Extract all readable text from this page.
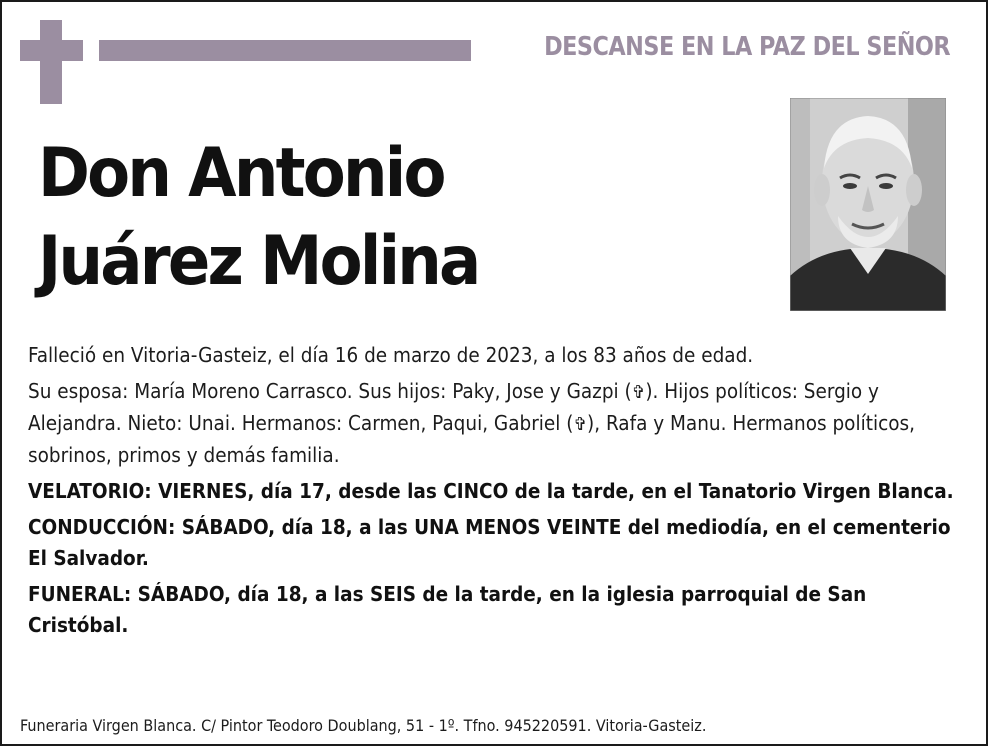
DESCANSE EN LA PAZ DEL SEÑOR
Don Antonio
Juárez Molina

Falleció en Vitoria-Gasteiz, el día 16 de marzo de 2023, a los 83 años de edad.

Su esposa: María Moreno Carrasco. Sus hijos: Paky, Jose y Gazpi (✞). Hijos políticos: Sergio y Alejandra. Nieto: Unai. Hermanos: Carmen, Paqui, Gabriel (✞), Rafa y Manu. Hermanos políticos, sobrinos, primos y demás familia.

VELATORIO: VIERNES, día 17, desde las CINCO de la tarde, en el Tanatorio Virgen Blanca.

CONDUCCIÓN: SÁBADO, día 18, a las UNA MENOS VEINTE del mediodía, en el cementerio El Salvador.

FUNERAL: SÁBADO, día 18, a las SEIS de la tarde, en la iglesia parroquial de San Cristóbal.

Funeraria Virgen Blanca. C/ Pintor Teodoro Doublang, 51 - 1º. Tfno. 945220591. Vitoria-Gasteiz.
